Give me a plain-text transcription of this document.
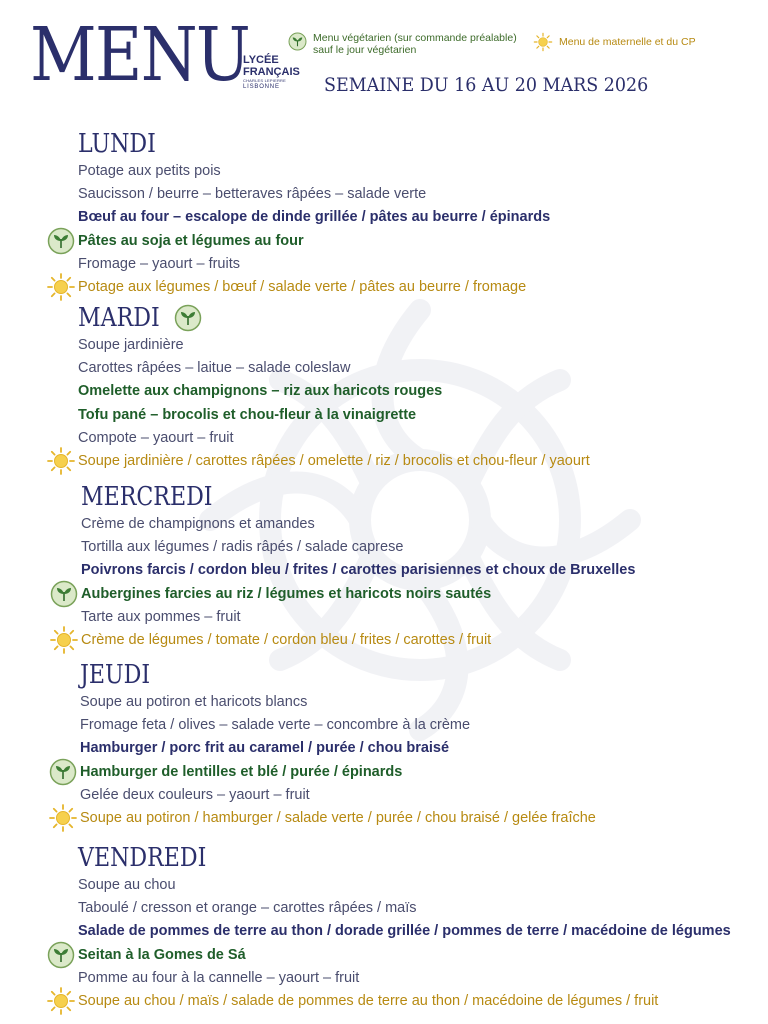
MENU
LYCÉE
FRANÇAIS
CHARLES LEPIERRE
LISBONNE
Menu végétarien (sur commande préalable)
sauf le jour végétarien
Menu de maternelle et du CP
SEMAINE DU 16 AU 20 MARS 2026
LUNDI
Potage aux petits pois
Saucisson / beurre – betteraves râpées – salade verte
Bœuf au four – escalope de dinde grillée / pâtes au beurre / épinards
Pâtes au soja et légumes au four
Fromage – yaourt – fruits
Potage aux légumes / bœuf / salade verte / pâtes au beurre / fromage
MARDI
Soupe jardinière
Carottes râpées – laitue – salade coleslaw
Omelette aux champignons – riz aux haricots rouges
Tofu pané – brocolis et chou-fleur à la vinaigrette
Compote – yaourt – fruit
Soupe jardinière / carottes râpées / omelette / riz / brocolis et chou-fleur / yaourt
MERCREDI
Crème de champignons et amandes
Tortilla aux légumes / radis râpés / salade caprese
Poivrons farcis / cordon bleu / frites / carottes parisiennes et choux de Bruxelles
Aubergines farcies au riz / légumes et haricots noirs sautés
Tarte aux pommes – fruit
Crème de légumes / tomate / cordon bleu / frites / carottes / fruit
JEUDI
Soupe au potiron et haricots blancs
Fromage feta / olives – salade verte – concombre à la crème
Hamburger / porc frit au caramel / purée / chou braisé
Hamburger de lentilles et blé / purée / épinards
Gelée deux couleurs – yaourt – fruit
Soupe au potiron / hamburger / salade verte / purée / chou braisé / gelée fraîche
VENDREDI
Soupe au chou
Taboulé / cresson et orange – carottes râpées / maïs
Salade de pommes de terre au thon / dorade grillée / pommes de terre / macédoine de légumes
Seitan à la Gomes de Sá
Pomme au four à la cannelle – yaourt – fruit
Soupe au chou / maïs / salade de pommes de terre au thon / macédoine de légumes / fruit
